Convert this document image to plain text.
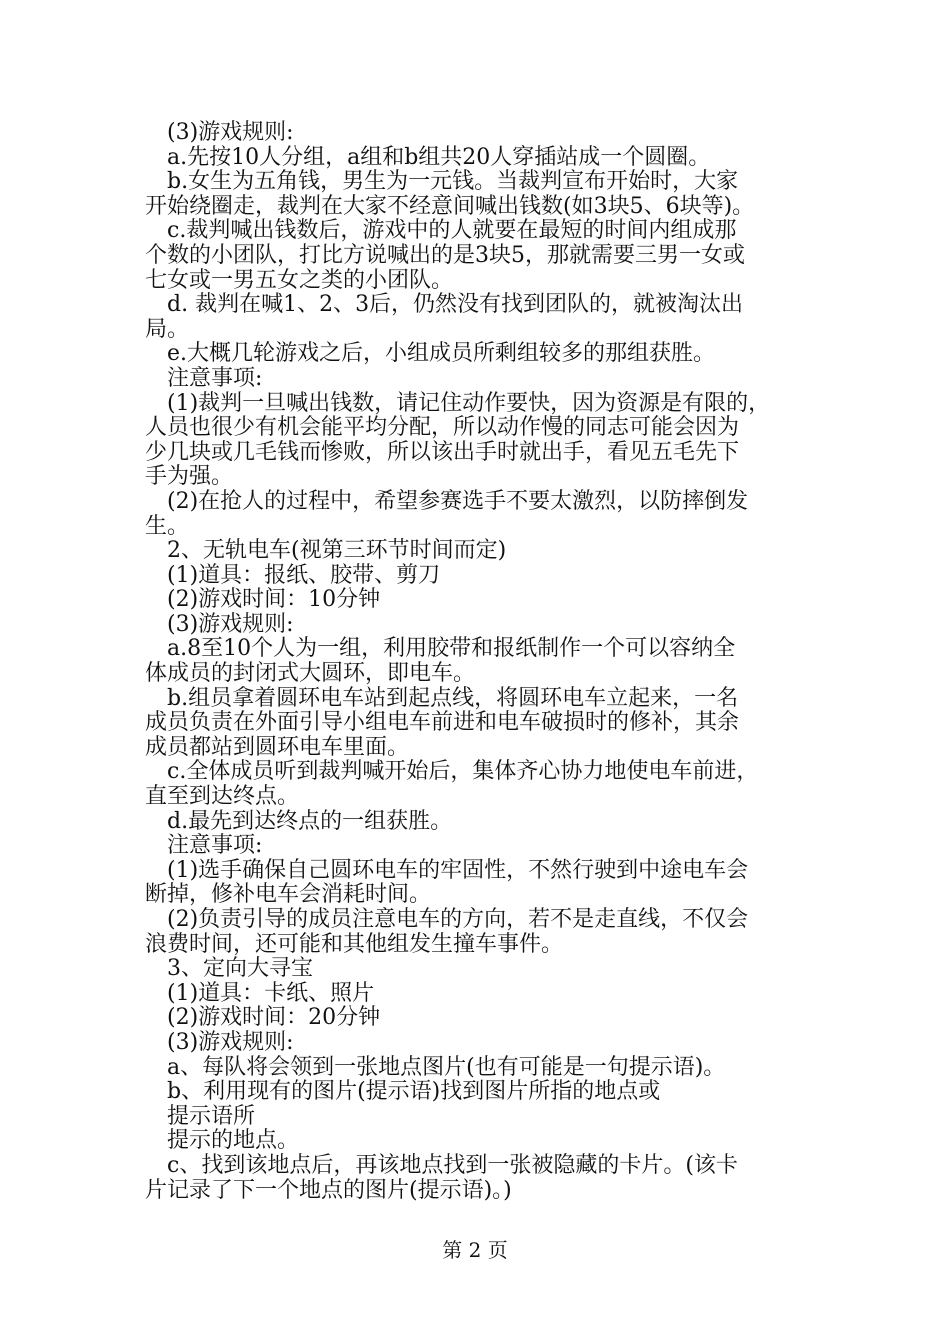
(3)游戏规则:
a.先按10人分组，a组和b组共20人穿插站成一个圆圈。
b.女生为五角钱，男生为一元钱。当裁判宣布开始时，大家
开始绕圈走，裁判在大家不经意间喊出钱数(如3块5、6块等)。
c.裁判喊出钱数后，游戏中的人就要在最短的时间内组成那
个数的小团队，打比方说喊出的是3块5，那就需要三男一女或
七女或一男五女之类的小团队。
d. 裁判在喊1、2、3后，仍然没有找到团队的，就被淘汰出
局。
e.大概几轮游戏之后，小组成员所剩组较多的那组获胜。
注意事项:
(1)裁判一旦喊出钱数，请记住动作要快，因为资源是有限的，
人员也很少有机会能平均分配，所以动作慢的同志可能会因为
少几块或几毛钱而惨败，所以该出手时就出手，看见五毛先下
手为强。
(2)在抢人的过程中，希望参赛选手不要太激烈，以防摔倒发
生。
2、无轨电车(视第三环节时间而定)
(1)道具：报纸、胶带、剪刀
(2)游戏时间：10分钟
(3)游戏规则:
a.8至10个人为一组，利用胶带和报纸制作一个可以容纳全
体成员的封闭式大圆环，即电车。
b.组员拿着圆环电车站到起点线，将圆环电车立起来，一名
成员负责在外面引导小组电车前进和电车破损时的修补，其余
成员都站到圆环电车里面。
c.全体成员听到裁判喊开始后，集体齐心协力地使电车前进，
直至到达终点。
d.最先到达终点的一组获胜。
注意事项:
(1)选手确保自己圆环电车的牢固性，不然行驶到中途电车会
断掉，修补电车会消耗时间。
(2)负责引导的成员注意电车的方向，若不是走直线，不仅会
浪费时间，还可能和其他组发生撞车事件。
3、定向大寻宝
(1)道具：卡纸、照片
(2)游戏时间：20分钟
(3)游戏规则:
a、每队将会领到一张地点图片(也有可能是一句提示语)。
b、利用现有的图片(提示语)找到图片所指的地点或
提示语所
提示的地点。
c、找到该地点后，再该地点找到一张被隐藏的卡片。(该卡
片记录了下一个地点的图片(提示语)。)
第 2 页
